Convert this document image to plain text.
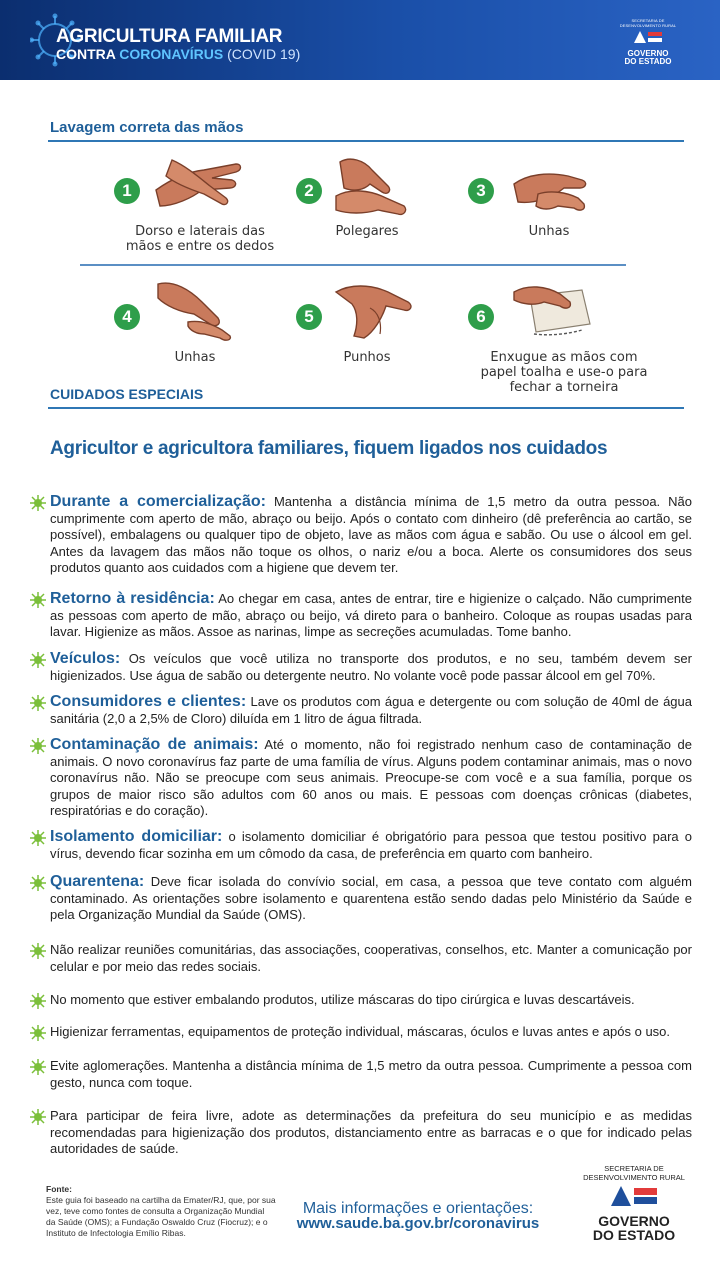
AGRICULTURA FAMILIAR
CONTRA CORONAVÍRUS (COVID 19)
SECRETARIA DE DESENVOLVIMENTO RURAL
GOVERNO
DO ESTADO
Lavagem correta das mãos
1
Dorso e laterais das
mãos e entre os dedos
2
Polegares
3
Unhas
4
Unhas
5
Punhos
6
Enxugue as mãos com
papel toalha e use-o para
fechar a torneira
CUIDADOS ESPECIAIS
Agricultor e agricultora familiares, fiquem ligados nos cuidados
Durante a comercialização: Mantenha a distância mínima de 1,5 metro da outra pessoa. Não cumprimente com aperto de mão, abraço ou beijo. Após o contato com dinheiro (dê preferência ao cartão, se possível), embalagens ou qualquer tipo de objeto, lave as mãos com água e sabão. Ou use o álcool em gel. Antes da lavagem das mãos não toque os olhos, o nariz e/ou a boca. Alerte os consumidores dos seus produtos quanto aos cuidados com a higiene que devem ter.
Retorno à residência: Ao chegar em casa, antes de entrar, tire e higienize o calçado. Não cumprimente as pessoas com aperto de mão, abraço ou beijo, vá direto para o banheiro. Coloque as roupas usadas para lavar. Higienize as mãos. Assoe as narinas, limpe as secreções acumuladas. Tome banho.
Veículos: Os veículos que você utiliza no transporte dos produtos, e no seu, também devem ser higienizados. Use água de sabão ou detergente neutro. No volante você pode passar álcool em gel 70%.
Consumidores e clientes: Lave os produtos com água e detergente ou com solução de 40ml de água sanitária (2,0 a 2,5% de Cloro) diluída em 1 litro de água filtrada.
Contaminação de animais: Até o momento, não foi registrado nenhum caso de contaminação de animais. O novo coronavírus faz parte de uma família de vírus. Alguns podem contaminar animais, mas o novo coronavírus não. Não se preocupe com seus animais. Preocupe-se com você e a sua família, porque os grupos de maior risco são adultos com 60 anos ou mais. E pessoas com doenças crônicas (diabetes, respiratórias e do coração).
Isolamento domiciliar: o isolamento domiciliar é obrigatório para pessoa que testou positivo para o vírus, devendo ficar sozinha em um cômodo da casa, de preferência em quarto com banheiro.
Quarentena: Deve ficar isolada do convívio social, em casa, a pessoa que teve contato com alguém contaminado. As orientações sobre isolamento e quarentena estão sendo dadas pelo Ministério da Saúde e pela Organização Mundial da Saúde (OMS).
Não realizar reuniões comunitárias, das associações, cooperativas, conselhos, etc. Manter a comunicação por celular e por meio das redes sociais.
No momento que estiver embalando produtos, utilize máscaras do tipo cirúrgica e luvas descartáveis.
Higienizar ferramentas, equipamentos de proteção individual, máscaras, óculos e luvas antes e após o uso.
Evite aglomerações. Mantenha a distância mínima de 1,5 metro da outra pessoa. Cumprimente a pessoa com gesto, nunca com toque.
Para participar de feira livre, adote as determinações da prefeitura do seu município e as medidas recomendadas para higienização dos produtos, distanciamento entre as barracas e o que for indicado pelas autoridades de saúde.
Fonte:
Este guia foi baseado na cartilha da Emater/RJ, que, por sua vez, teve como fontes de consulta a Organização Mundial da Saúde (OMS); a Fundação Oswaldo Cruz (Fiocruz); e o Instituto de Infectologia Emílio Ribas.
Mais informações e orientações:
www.saude.ba.gov.br/coronavirus
SECRETARIA DE DESENVOLVIMENTO RURAL
GOVERNO
DO ESTADO
